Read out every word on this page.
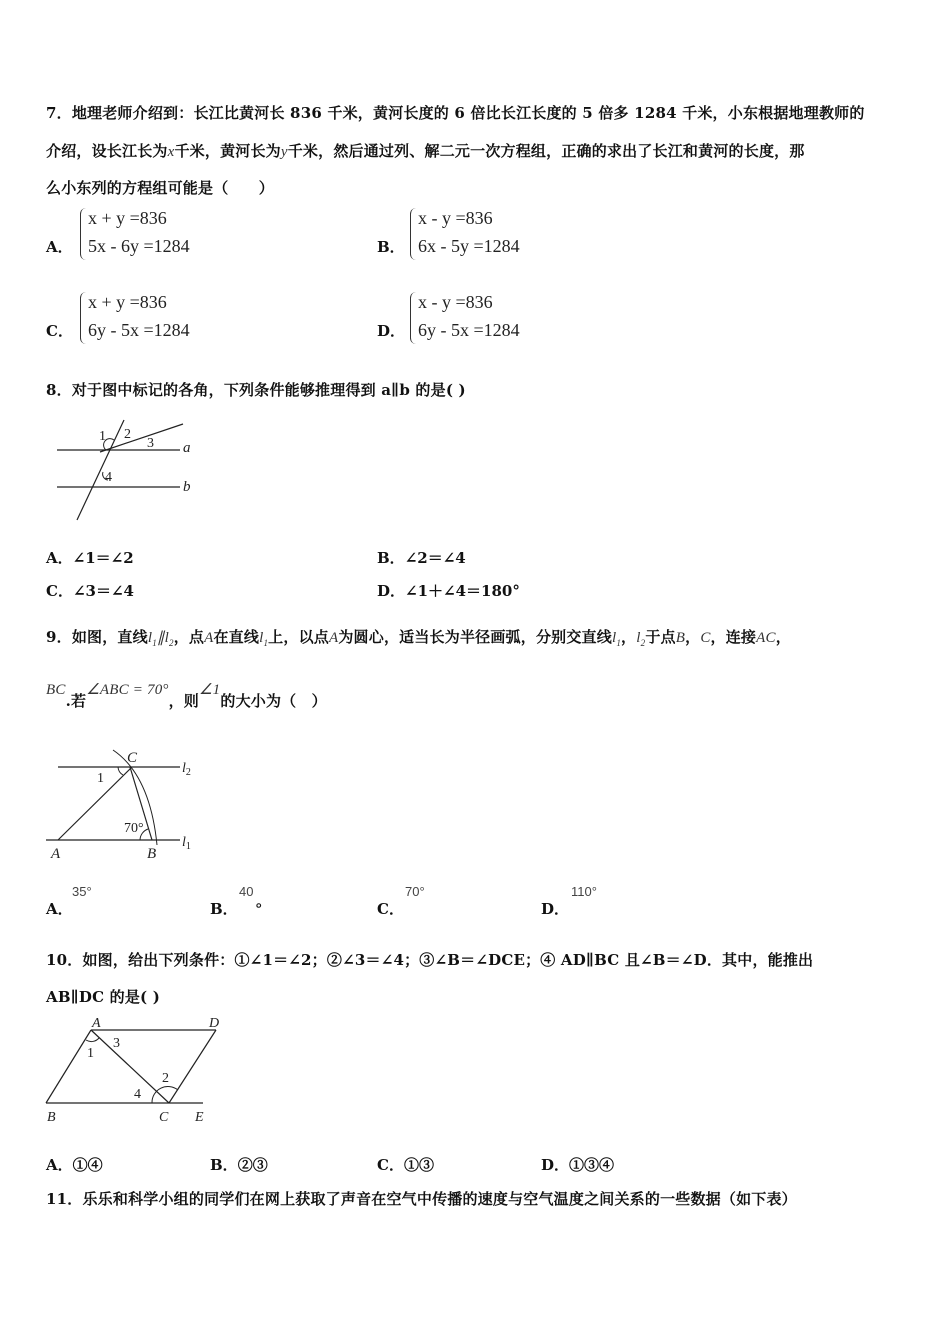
7．地理老师介绍到：长江比黄河长 836 千米，黄河长度的 6 倍比长江长度的 5 倍多 1284 千米，小东根据地理教师的
介绍，设长江长为x千米，黄河长为y千米，然后通过列、解二元一次方程组，正确的求出了长江和黄河的长度，那
么小东列的方程组可能是（　　）
A．
x + y =836
5x - 6y =1284	B．
x - y =836
6x - 5y =1284
C．
x + y =836
6y - 5x =1284	D．
x - y =836
6y - 5x =1284
8．对于图中标记的各角，下列条件能够推理得到 a∥b 的是( )
1 2
3
4
a
b
A．∠1＝∠2	B．∠2＝∠4
C．∠3＝∠4	D．∠1＋∠4＝180°
9．如图，直线$l_1\parallel l_2$，点A在直线$l_1$上，以点A为圆心，适当长为半径画弧，分别交直线$l_1$，$l_2$于点B，C，连接AC，
BC.若∠ABC = 70°，则∠1的大小为（　）
C
1
$l_2$
70°
A	B
$l_1$
A．
35°
B．
40
。	C．
70°
D．
110°
10．如图，给出下列条件：①∠1＝∠2；②∠3＝∠4；③∠B＝∠DCE；④ AD∥BC 且∠B＝∠D．其中，能推出
AB∥DC 的是( )
A	D
1
3
2
4
B	C E
A．①④	B．②③	C．①③	D．①③④
11．乐乐和科学小组的同学们在网上获取了声音在空气中传播的速度与空气温度之间关系的一些数据（如下表）
